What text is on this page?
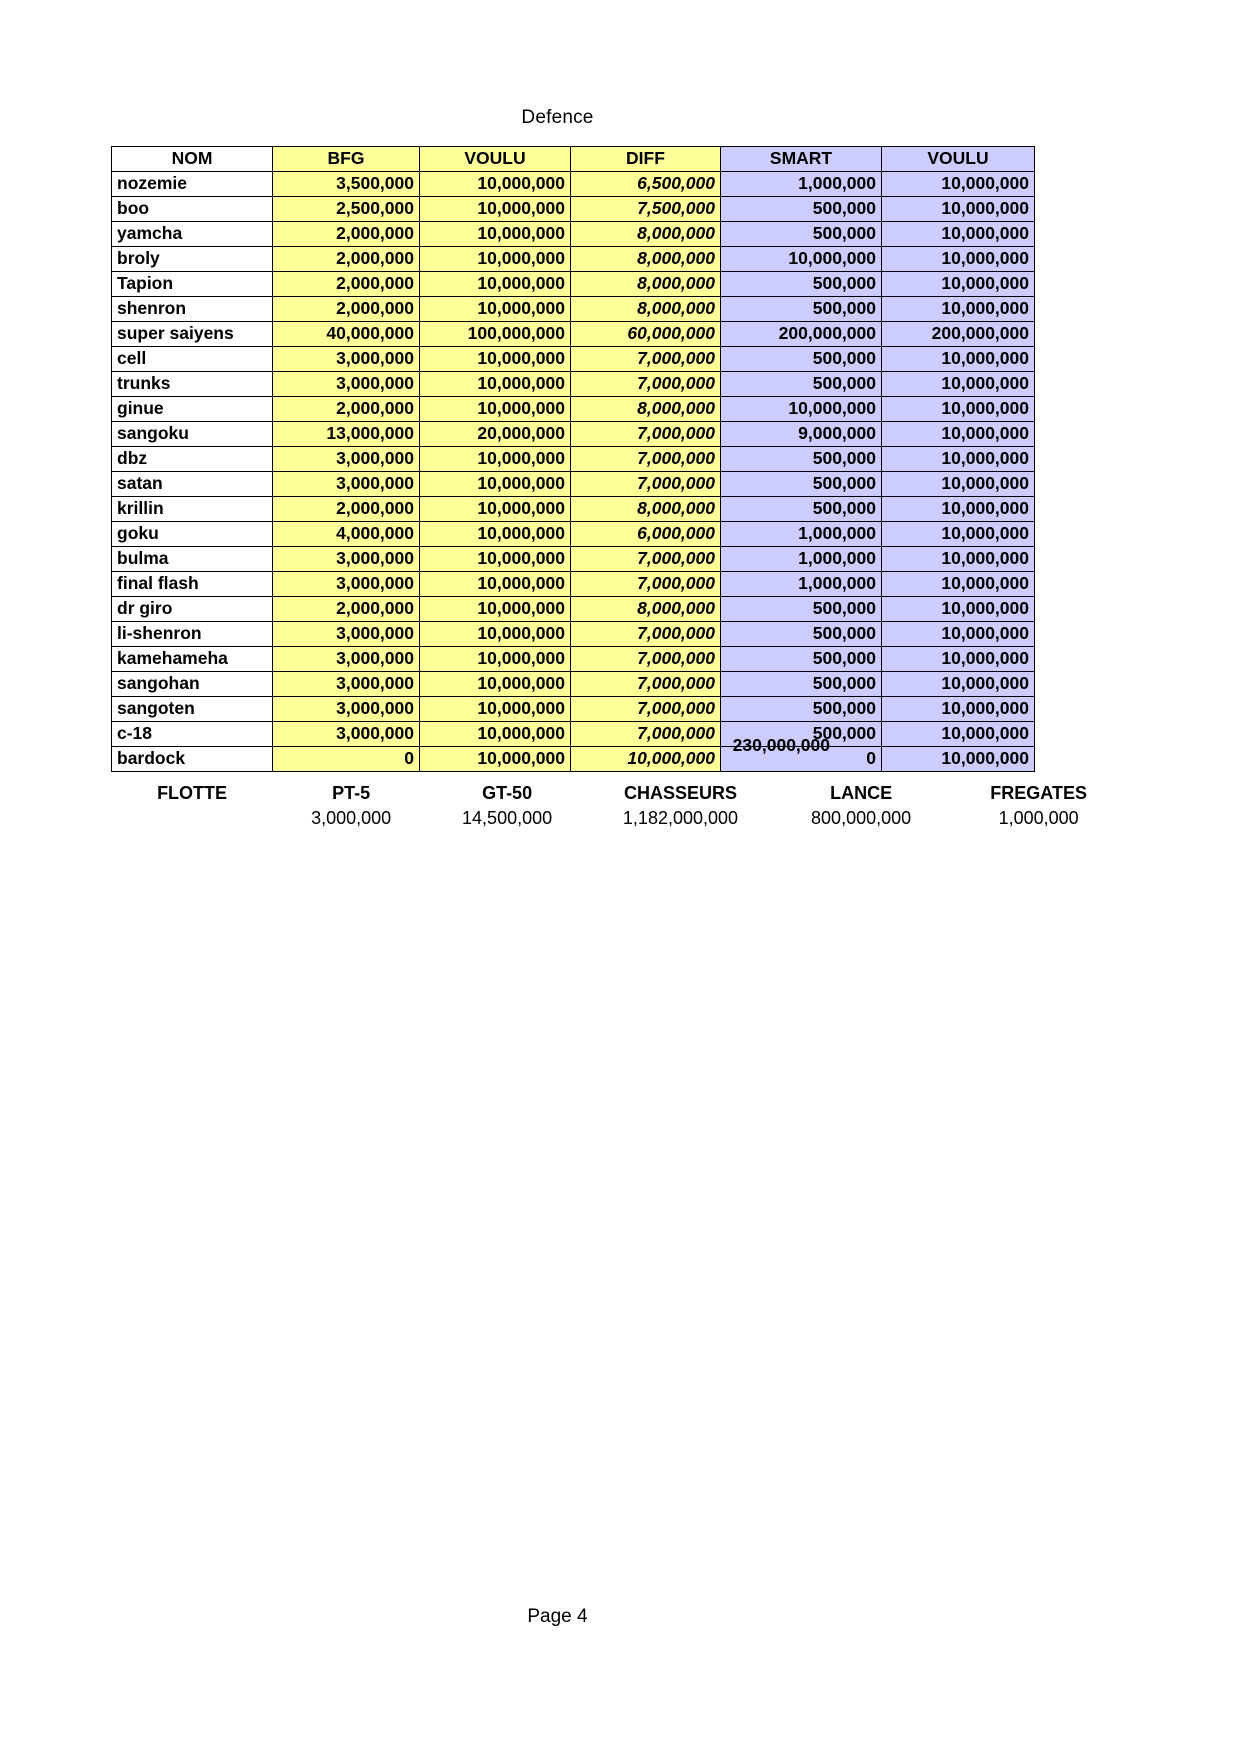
Defence
NOM	BFG	VOULU	DIFF	SMART	VOULU
nozemie	3,500,000	10,000,000	6,500,000	1,000,000	10,000,000
boo	2,500,000	10,000,000	7,500,000	500,000	10,000,000
yamcha	2,000,000	10,000,000	8,000,000	500,000	10,000,000
broly	2,000,000	10,000,000	8,000,000	10,000,000	10,000,000
Tapion	2,000,000	10,000,000	8,000,000	500,000	10,000,000
shenron	2,000,000	10,000,000	8,000,000	500,000	10,000,000
super saiyens	40,000,000	100,000,000	60,000,000	200,000,000	200,000,000
cell	3,000,000	10,000,000	7,000,000	500,000	10,000,000
trunks	3,000,000	10,000,000	7,000,000	500,000	10,000,000
ginue	2,000,000	10,000,000	8,000,000	10,000,000	10,000,000
sangoku	13,000,000	20,000,000	7,000,000	9,000,000	10,000,000
dbz	3,000,000	10,000,000	7,000,000	500,000	10,000,000
satan	3,000,000	10,000,000	7,000,000	500,000	10,000,000
krillin	2,000,000	10,000,000	8,000,000	500,000	10,000,000
goku	4,000,000	10,000,000	6,000,000	1,000,000	10,000,000
bulma	3,000,000	10,000,000	7,000,000	1,000,000	10,000,000
final flash	3,000,000	10,000,000	7,000,000	1,000,000	10,000,000
dr giro	2,000,000	10,000,000	8,000,000	500,000	10,000,000
li-shenron	3,000,000	10,000,000	7,000,000	500,000	10,000,000
kamehameha	3,000,000	10,000,000	7,000,000	500,000	10,000,000
sangohan	3,000,000	10,000,000	7,000,000	500,000	10,000,000
sangoten	3,000,000	10,000,000	7,000,000	500,000	10,000,000
c-18	3,000,000	10,000,000	7,000,000	500,000	10,000,000
bardock	0	10,000,000	10,000,000	0	10,000,000
230,000,000
FLOTTE	PT-5	GT-50	CHASSEURS	LANCE	FREGATES
	3,000,000	14,500,000	1,182,000,000	800,000,000	1,000,000
Page 4
